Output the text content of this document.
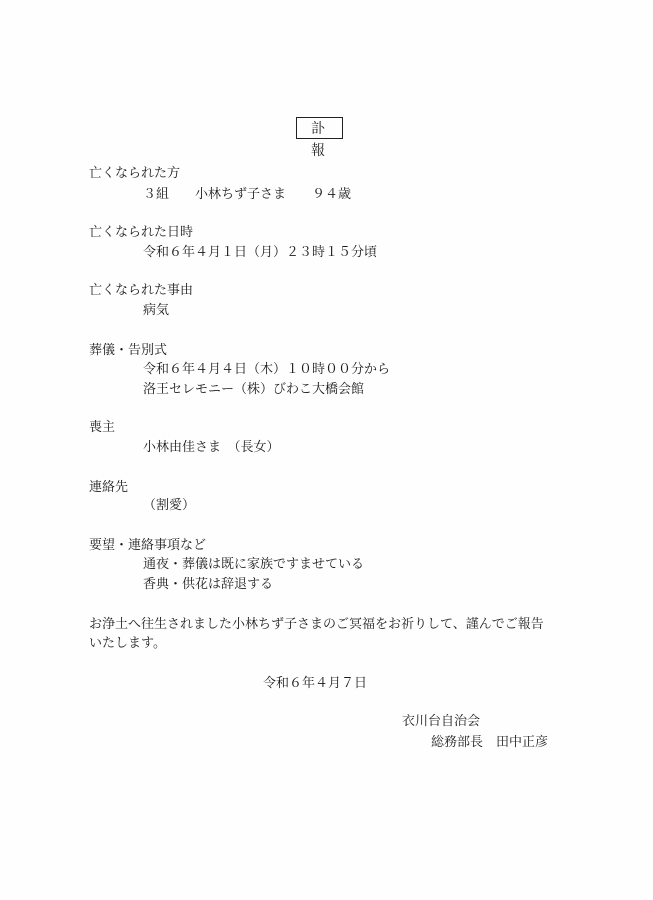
訃　報
亡くなられた方
３組　　小林ちず子さま　　９４歳
亡くなられた日時
令和６年４月１日（月）２３時１５分頃
亡くなられた事由
病気
葬儀・告別式
令和６年４月４日（木）１０時００分から
洛王セレモニー（株）びわこ大橋会館
喪主
小林由佳さま　（長女）
連絡先
（割愛）
要望・連絡事項など
通夜・葬儀は既に家族ですませている
香典・供花は辞退する
お浄土へ往生されました小林ちず子さまのご冥福をお祈りして、謹んでご報告
いたします。
令和６年４月７日
衣川台自治会
総務部長　田中正彦
